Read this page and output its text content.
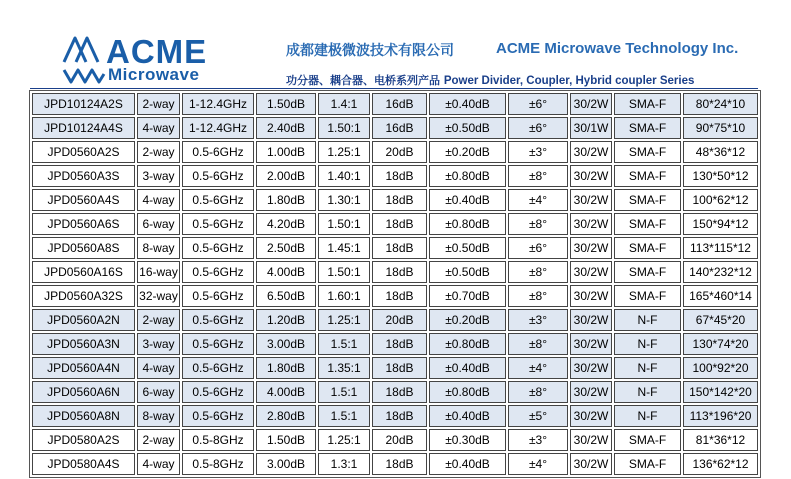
ACME
Microwave
成都建极微波技术有限公司	ACME Microwave Technology Inc.
功分器、耦合器、电桥系列产品 Power Divider, Coupler, Hybrid coupler Series
JPD10124A2S	2-way	1-12.4GHz	1.50dB	1.4:1	16dB	±0.40dB	±6°	30/2W	SMA-F	80*24*10
JPD10124A4S	4-way	1-12.4GHz	2.40dB	1.50:1	16dB	±0.50dB	±6°	30/1W	SMA-F	90*75*10
JPD0560A2S	2-way	0.5-6GHz	1.00dB	1.25:1	20dB	±0.20dB	±3°	30/2W	SMA-F	48*36*12
JPD0560A3S	3-way	0.5-6GHz	2.00dB	1.40:1	18dB	±0.80dB	±8°	30/2W	SMA-F	130*50*12
JPD0560A4S	4-way	0.5-6GHz	1.80dB	1.30:1	18dB	±0.40dB	±4°	30/2W	SMA-F	100*62*12
JPD0560A6S	6-way	0.5-6GHz	4.20dB	1.50:1	18dB	±0.80dB	±8°	30/2W	SMA-F	150*94*12
JPD0560A8S	8-way	0.5-6GHz	2.50dB	1.45:1	18dB	±0.50dB	±6°	30/2W	SMA-F	113*115*12
JPD0560A16S	16-way	0.5-6GHz	4.00dB	1.50:1	18dB	±0.50dB	±8°	30/2W	SMA-F	140*232*12
JPD0560A32S	32-way	0.5-6GHz	6.50dB	1.60:1	18dB	±0.70dB	±8°	30/2W	SMA-F	165*460*14
JPD0560A2N	2-way	0.5-6GHz	1.20dB	1.25:1	20dB	±0.20dB	±3°	30/2W	N-F	67*45*20
JPD0560A3N	3-way	0.5-6GHz	3.00dB	1.5:1	18dB	±0.80dB	±8°	30/2W	N-F	130*74*20
JPD0560A4N	4-way	0.5-6GHz	1.80dB	1.35:1	18dB	±0.40dB	±4°	30/2W	N-F	100*92*20
JPD0560A6N	6-way	0.5-6GHz	4.00dB	1.5:1	18dB	±0.80dB	±8°	30/2W	N-F	150*142*20
JPD0560A8N	8-way	0.5-6GHz	2.80dB	1.5:1	18dB	±0.40dB	±5°	30/2W	N-F	113*196*20
JPD0580A2S	2-way	0.5-8GHz	1.50dB	1.25:1	20dB	±0.30dB	±3°	30/2W	SMA-F	81*36*12
JPD0580A4S	4-way	0.5-8GHz	3.00dB	1.3:1	18dB	±0.40dB	±4°	30/2W	SMA-F	136*62*12
